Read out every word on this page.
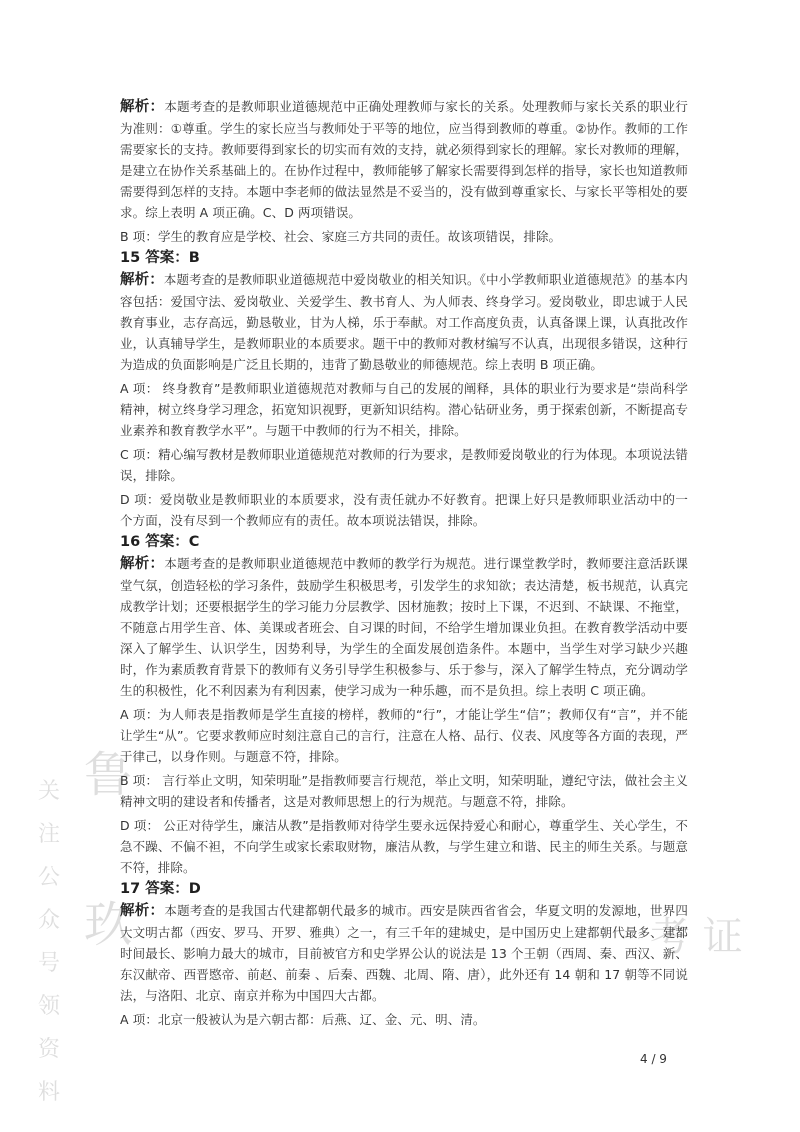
鲁 玖	考 证
关 注 公 众 号 领 资 料

解析：本题考查的是教师职业道德规范中正确处理教师与家长的关系。处理教师与家长关系的职业行为准则：①尊重。学生的家长应当与教师处于平等的地位，应当得到教师的尊重。②协作。教师的工作需要家长的支持。教师要得到家长的切实而有效的支持，就必须得到家长的理解。家长对教师的理解，是建立在协作关系基础上的。在协作过程中，教师能够了解家长需要得到怎样的指导，家长也知道教师需要得到怎样的支持。本题中李老师的做法显然是不妥当的，没有做到尊重家长、与家长平等相处的要求。综上表明 A 项正确。C、D 两项错误。

B 项：学生的教育应是学校、社会、家庭三方共同的责任。故该项错误，排除。

15 答案：B

解析：本题考查的是教师职业道德规范中爱岗敬业的相关知识。《中小学教师职业道德规范》的基本内容包括：爱国守法、爱岗敬业、关爱学生、教书育人、为人师表、终身学习。爱岗敬业，即忠诚于人民教育事业，志存高远，勤恳敬业，甘为人梯，乐于奉献。对工作高度负责，认真备课上课，认真批改作业，认真辅导学生，是教师职业的本质要求。题干中的教师对教材编写不认真，出现很多错误，这种行为造成的负面影响是广泛且长期的，违背了勤恳敬业的师德规范。综上表明 B 项正确。

A 项： 终身教育”是教师职业道德规范对教师与自己的发展的阐释，具体的职业行为要求是“崇尚科学精神，树立终身学习理念，拓宽知识视野，更新知识结构。潜心钻研业务，勇于探索创新，不断提高专业素养和教育教学水平”。与题干中教师的行为不相关，排除。

C 项：精心编写教材是教师职业道德规范对教师的行为要求，是教师爱岗敬业的行为体现。本项说法错误，排除。

D 项：爱岗敬业是教师职业的本质要求，没有责任就办不好教育。把课上好只是教师职业活动中的一个方面，没有尽到一个教师应有的责任。故本项说法错误，排除。

16 答案：C

解析：本题考查的是教师职业道德规范中教师的教学行为规范。进行课堂教学时，教师要注意活跃课堂气氛，创造轻松的学习条件，鼓励学生积极思考，引发学生的求知欲；表达清楚，板书规范，认真完成教学计划；还要根据学生的学习能力分层教学、因材施教；按时上下课，不迟到、不缺课、不拖堂，不随意占用学生音、体、美课或者班会、自习课的时间，不给学生增加课业负担。在教育教学活动中要深入了解学生、认识学生，因势利导，为学生的全面发展创造条件。本题中，当学生对学习缺少兴趣时，作为素质教育背景下的教师有义务引导学生积极参与、乐于参与，深入了解学生特点，充分调动学生的积极性，化不利因素为有利因素，使学习成为一种乐趣，而不是负担。综上表明 C 项正确。

A 项：为人师表是指教师是学生直接的榜样，教师的“行”，才能让学生“信”；教师仅有“言”，并不能让学生“从”。它要求教师应时刻注意自己的言行，注意在人格、品行、仪表、风度等各方面的表现，严于律己，以身作则。与题意不符，排除。

B 项： 言行举止文明，知荣明耻”是指教师要言行规范，举止文明，知荣明耻，遵纪守法，做社会主义精神文明的建设者和传播者，这是对教师思想上的行为规范。与题意不符，排除。

D 项： 公正对待学生，廉洁从教”是指教师对待学生要永远保持爱心和耐心，尊重学生、关心学生，不急不躁、不偏不袒，不向学生或家长索取财物，廉洁从教，与学生建立和谐、民主的师生关系。与题意不符，排除。

17 答案：D

解析：本题考查的是我国古代建都朝代最多的城市。西安是陕西省省会，华夏文明的发源地，世界四大文明古都（西安、罗马、开罗、雅典）之一，有三千年的建城史，是中国历史上建都朝代最多、建都时间最长、影响力最大的城市，目前被官方和史学界公认的说法是 13 个王朝（西周、秦、西汉、新、东汉献帝、西晋愍帝、前赵、前秦 、后秦、西魏、北周、隋、唐），此外还有 14 朝和 17 朝等不同说法，与洛阳、北京、南京并称为中国四大古都。

A 项：北京一般被认为是六朝古都：后燕、辽、金、元、明、清。

4 / 9
